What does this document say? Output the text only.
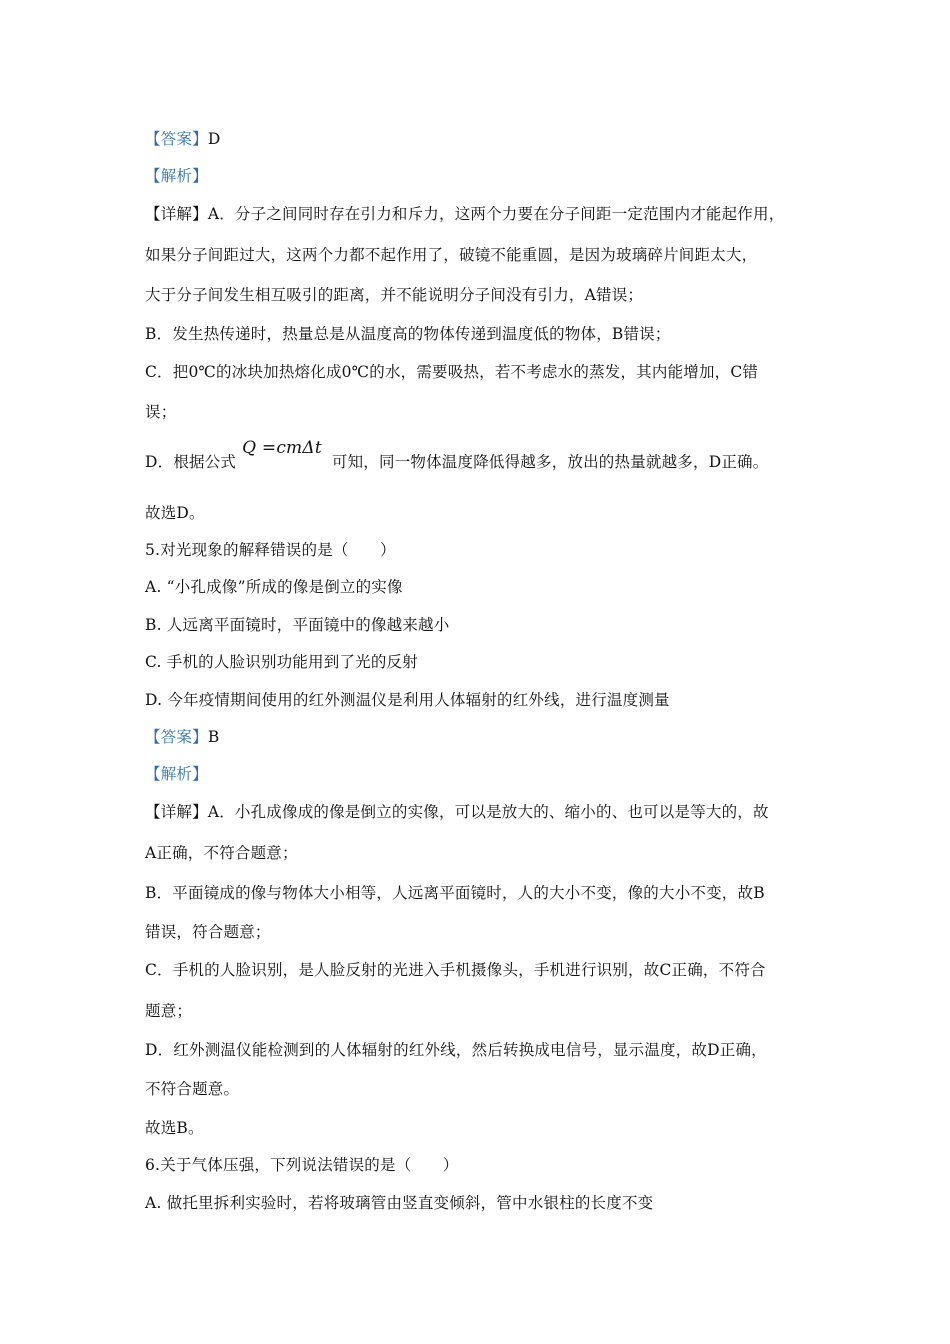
【答案】D
【解析】
【详解】A．分子之间同时存在引力和斥力，这两个力要在分子间距一定范围内才能起作用，
如果分子间距过大，这两个力都不起作用了，破镜不能重圆，是因为玻璃碎片间距太大，
大于分子间发生相互吸引的距离，并不能说明分子间没有引力，A错误；
B．发生热传递时，热量总是从温度高的物体传递到温度低的物体，B错误；
C．把0℃的冰块加热熔化成0℃的水，需要吸热，若不考虑水的蒸发，其内能增加，C错
误；
D．根据公式Q =cmΔt可知，同一物体温度降低得越多，放出的热量就越多，D正确。
故选D。
5.对光现象的解释错误的是（　　）
A. “小孔成像”所成的像是倒立的实像
B. 人远离平面镜时，平面镜中的像越来越小
C. 手机的人脸识别功能用到了光的反射
D. 今年疫情期间使用的红外测温仪是利用人体辐射的红外线，进行温度测量
【答案】B
【解析】
【详解】A．小孔成像成的像是倒立的实像，可以是放大的、缩小的、也可以是等大的，故
A正确，不符合题意；
B．平面镜成的像与物体大小相等，人远离平面镜时，人的大小不变，像的大小不变，故B
错误，符合题意；
C．手机的人脸识别，是人脸反射的光进入手机摄像头，手机进行识别，故C正确，不符合
题意；
D．红外测温仪能检测到的人体辐射的红外线，然后转换成电信号，显示温度，故D正确，
不符合题意。
故选B。
6.关于气体压强，下列说法错误的是（　　）
A. 做托里拆利实验时，若将玻璃管由竖直变倾斜，管中水银柱的长度不变
